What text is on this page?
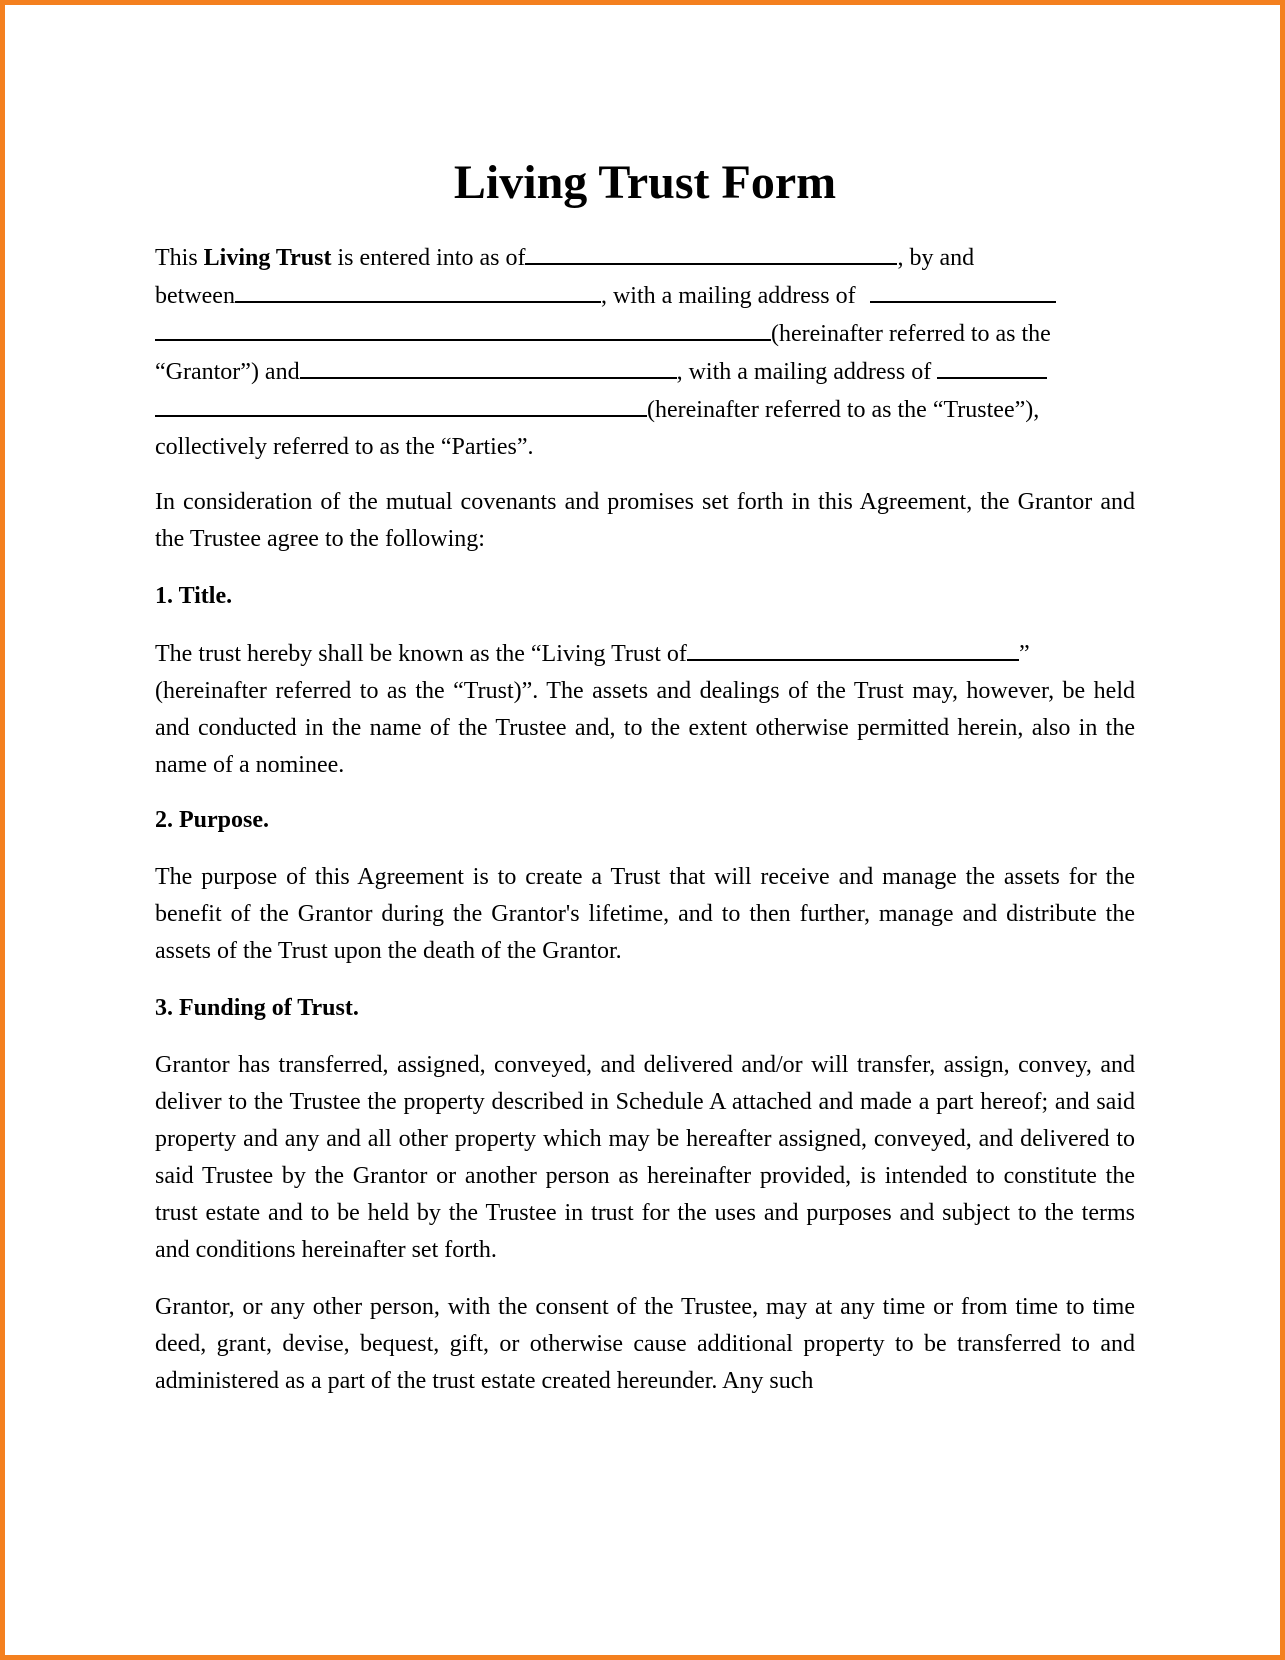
Living Trust Form
This Living Trust is entered into as of	, by and
between	, with a mailing address of
(hereinafter referred to as the
“Grantor”) and	, with a mailing address of
(hereinafter referred to as the “Trustee”),
collectively referred to as the “Parties”.

In consideration of the mutual covenants and promises set forth in this Agreement, the Grantor and the Trustee agree to the following:

1. Title.
The trust hereby shall be known as the “Living Trust of	”

(hereinafter referred to as the “Trust)”. The assets and dealings of the Trust may, however, be held and conducted in the name of the Trustee and, to the extent otherwise permitted herein, also in the name of a nominee.

2. Purpose.

The purpose of this Agreement is to create a Trust that will receive and manage the assets for the benefit of the Grantor during the Grantor's lifetime, and to then further, manage and distribute the assets of the Trust upon the death of the Grantor.

3. Funding of Trust.

Grantor has transferred, assigned, conveyed, and delivered and/or will transfer, assign, convey, and deliver to the Trustee the property described in Schedule A attached and made a part hereof; and said property and any and all other property which may be hereafter assigned, conveyed, and delivered to said Trustee by the Grantor or another person as hereinafter provided, is intended to constitute the trust estate and to be held by the Trustee in trust for the uses and purposes and subject to the terms and conditions hereinafter set forth.

Grantor, or any other person, with the consent of the Trustee, may at any time or from time to time deed, grant, devise, bequest, gift, or otherwise cause additional property to be transferred to and administered as a part of the trust estate created hereunder. Any such
